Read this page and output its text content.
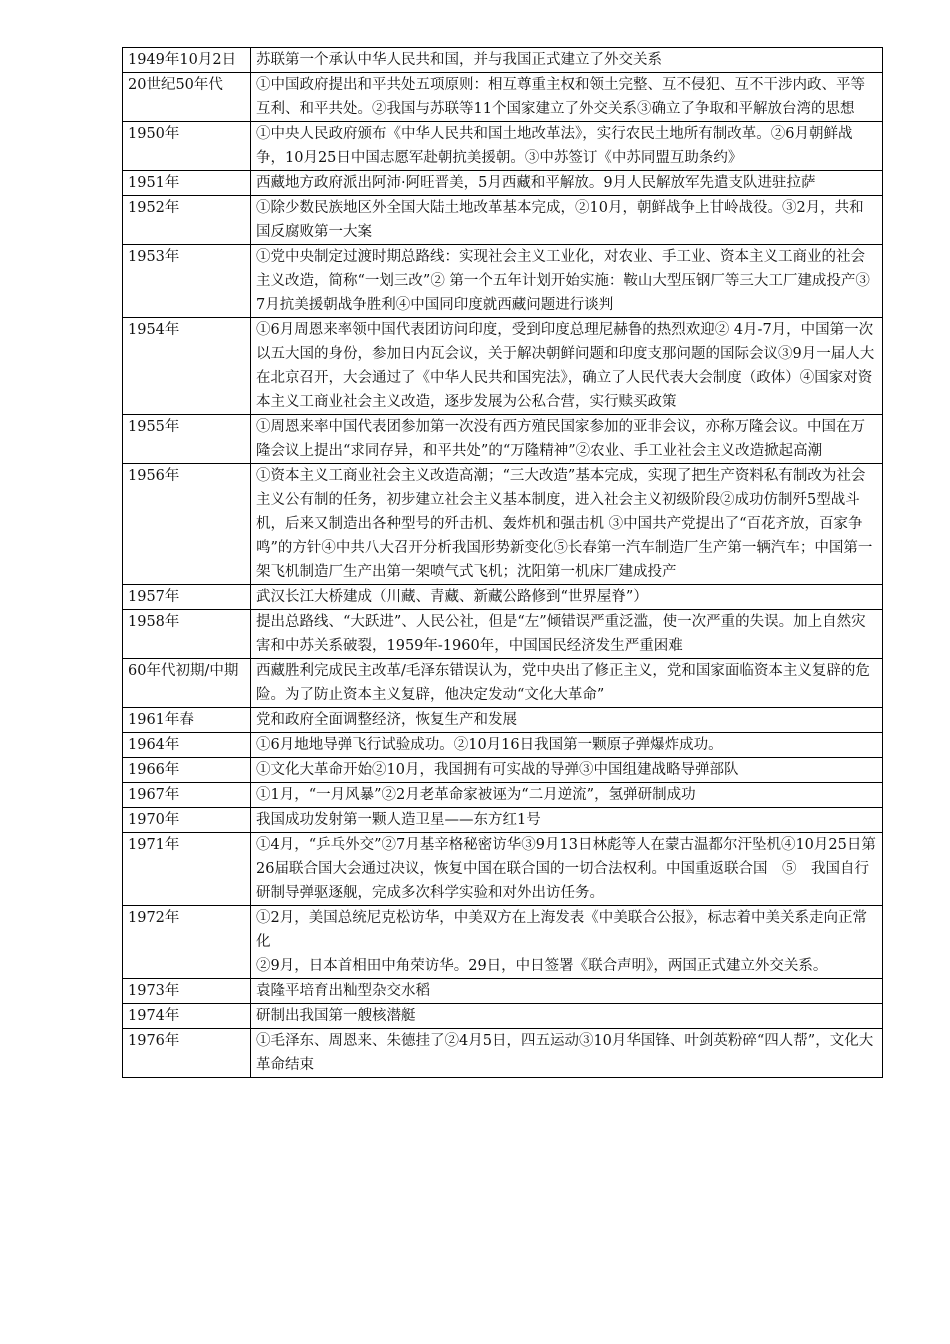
1949年10月2日	苏联第一个承认中华人民共和国，并与我国正式建立了外交关系
20世纪50年代	①中国政府提出和平共处五项原则：相互尊重主权和领土完整、互不侵犯、互不干涉内政、平等互利、和平共处。②我国与苏联等11个国家建立了外交关系③确立了争取和平解放台湾的思想
1950年	①中央人民政府颁布《中华人民共和国土地改革法》，实行农民土地所有制改革。②6月朝鲜战争，10月25日中国志愿军赴朝抗美援朝。③中苏签订《中苏同盟互助条约》
1951年	西藏地方政府派出阿沛·阿旺晋美，5月西藏和平解放。9月人民解放军先遣支队进驻拉萨
1952年	①除少数民族地区外全国大陆土地改革基本完成，②10月，朝鲜战争上甘岭战役。③2月，共和国反腐败第一大案
1953年	①党中央制定过渡时期总路线：实现社会主义工业化，对农业、手工业、资本主义工商业的社会主义改造，简称“一划三改”② 第一个五年计划开始实施：鞍山大型压钢厂等三大工厂建成投产③7月抗美援朝战争胜利④中国同印度就西藏问题进行谈判
1954年	①6月周恩来率领中国代表团访问印度，受到印度总理尼赫鲁的热烈欢迎② 4月-7月，中国第一次以五大国的身份，参加日内瓦会议，关于解决朝鲜问题和印度支那问题的国际会议③9月一届人大在北京召开，大会通过了《中华人民共和国宪法》，确立了人民代表大会制度（政体）④国家对资本主义工商业社会主义改造，逐步发展为公私合营，实行赎买政策
1955年	①周恩来率中国代表团参加第一次没有西方殖民国家参加的亚非会议，亦称万隆会议。中国在万隆会议上提出“求同存异，和平共处”的“万隆精神”②农业、手工业社会主义改造掀起高潮
1956年	①资本主义工商业社会主义改造高潮；“三大改造”基本完成，实现了把生产资料私有制改为社会主义公有制的任务，初步建立社会主义基本制度，进入社会主义初级阶段②成功仿制歼5型战斗机，后来又制造出各种型号的歼击机、轰炸机和强击机 ③中国共产党提出了“百花齐放，百家争鸣”的方针④中共八大召开分析我国形势新变化⑤长春第一汽车制造厂生产第一辆汽车；中国第一架飞机制造厂生产出第一架喷气式飞机；沈阳第一机床厂建成投产
1957年	武汉长江大桥建成（川藏、青藏、新藏公路修到“世界屋脊”）
1958年	提出总路线、“大跃进”、人民公社，但是“左”倾错误严重泛滥，使一次严重的失误。加上自然灾害和中苏关系破裂，1959年-1960年，中国国民经济发生严重困难
60年代初期/中期	西藏胜利完成民主改革/毛泽东错误认为，党中央出了修正主义，党和国家面临资本主义复辟的危险。为了防止资本主义复辟，他决定发动“文化大革命”
1961年春	党和政府全面调整经济，恢复生产和发展
1964年	①6月地地导弹飞行试验成功。②10月16日我国第一颗原子弹爆炸成功。
1966年	①文化大革命开始②10月，我国拥有可实战的导弹③中国组建战略导弹部队
1967年	①1月，“一月风暴”②2月老革命家被诬为“二月逆流”，氢弹研制成功
1970年	我国成功发射第一颗人造卫星——东方红1号
1971年	①4月，“乒乓外交”②7月基辛格秘密访华③9月13日林彪等人在蒙古温都尔汗坠机④10月25日第26届联合国大会通过决议，恢复中国在联合国的一切合法权利。中国重返联合国　⑤　我国自行研制导弹驱逐舰，完成多次科学实验和对外出访任务。
1972年	①2月，美国总统尼克松访华，中美双方在上海发表《中美联合公报》，标志着中美关系走向正常化
②9月，日本首相田中角荣访华。29日，中日签署《联合声明》，两国正式建立外交关系。
1973年	袁隆平培育出籼型杂交水稻
1974年	研制出我国第一艘核潜艇
1976年	①毛泽东、周恩来、朱德挂了②4月5日，四五运动③10月华国锋、叶剑英粉碎“四人帮”，文化大革命结束
